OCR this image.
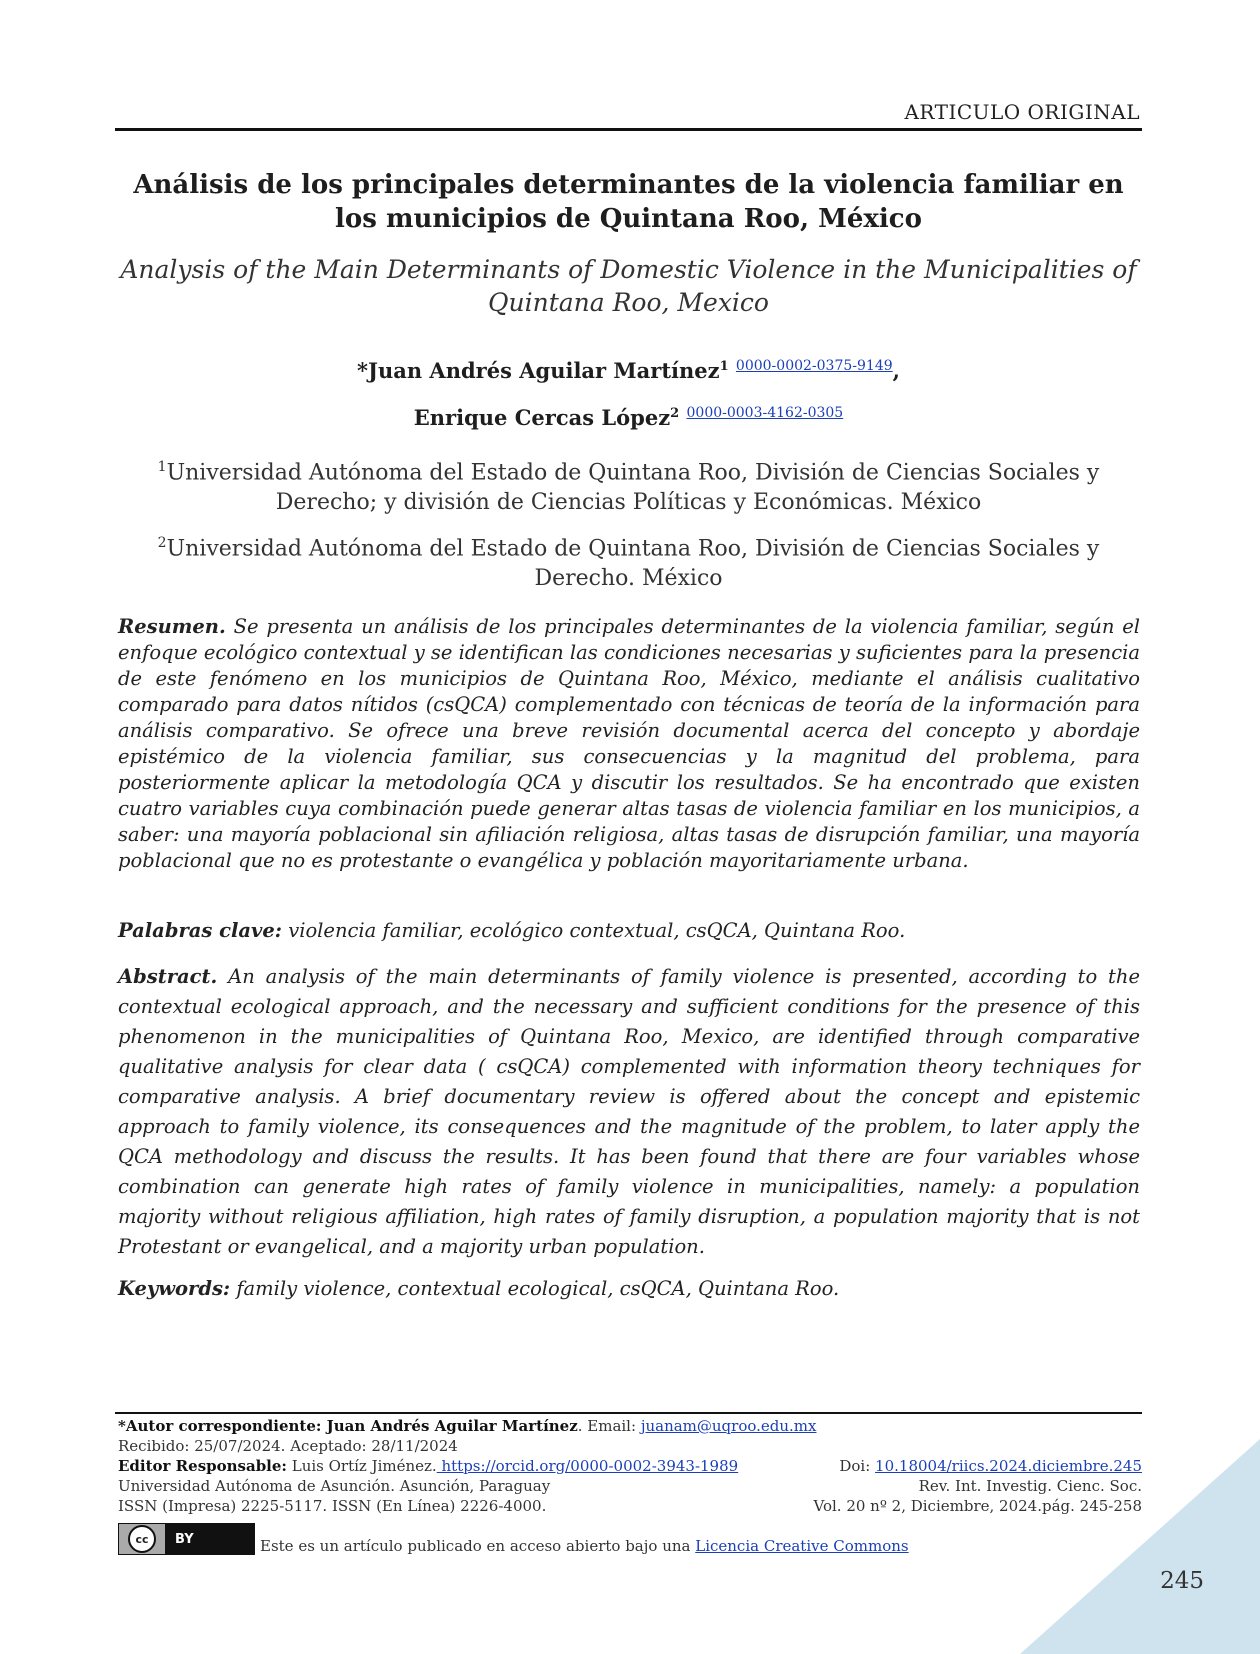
ARTICULO ORIGINAL
Análisis de los principales determinantes de la violencia familiar en los municipios de Quintana Roo, México
Analysis of the Main Determinants of Domestic Violence in the Municipalities of Quintana Roo, Mexico
*Juan Andrés Aguilar Martínez$^1$ $^{0000-0002-0375-9149}$,
Enrique Cercas López$^2$ $^{0000-0003-4162-0305}$
$^1$Universidad Autónoma del Estado de Quintana Roo, División de Ciencias Sociales y Derecho; y división de Ciencias Políticas y Económicas. México
$^2$Universidad Autónoma del Estado de Quintana Roo, División de Ciencias Sociales y Derecho. México
Resumen. Se presenta un análisis de los principales determinantes de la violencia familiar, según el enfoque ecológico contextual y se identifican las condiciones necesarias y suficientes para la presencia de este fenómeno en los municipios de Quintana Roo, México, mediante el análisis cualitativo comparado para datos nítidos (csQCA) complementado con técnicas de teoría de la información para análisis comparativo. Se ofrece una breve revisión documental acerca del concepto y abordaje epistémico de la violencia familiar, sus consecuencias y la magnitud del problema, para posteriormente aplicar la metodología QCA y discutir los resultados. Se ha encontrado que existen cuatro variables cuya combinación puede generar altas tasas de violencia familiar en los municipios, a saber: una mayoría poblacional sin afiliación religiosa, altas tasas de disrupción familiar, una mayoría poblacional que no es protestante o evangélica y población mayoritariamente urbana.
Palabras clave: violencia familiar, ecológico contextual, csQCA, Quintana Roo.
Abstract. An analysis of the main determinants of family violence is presented, according to the contextual ecological approach, and the necessary and sufficient conditions for the presence of this phenomenon in the municipalities of Quintana Roo, Mexico, are identified through comparative qualitative analysis for clear data ( csQCA) complemented with information theory techniques for comparative analysis. A brief documentary review is offered about the concept and epistemic approach to family violence, its consequences and the magnitude of the problem, to later apply the QCA methodology and discuss the results. It has been found that there are four variables whose combination can generate high rates of family violence in municipalities, namely: a population majority without religious affiliation, high rates of family disruption, a population majority that is not Protestant or evangelical, and a majority urban population.
Keywords: family violence, contextual ecological, csQCA, Quintana Roo.
*Autor correspondiente: Juan Andrés Aguilar Martínez. Email: juanam@uqroo.edu.mx
Recibido: 25/07/2024. Aceptado: 28/11/2024
Editor Responsable: Luis Ortíz Jiménez. https://orcid.org/0000-0002-3943-1989	Doi: 10.18004/riics.2024.diciembre.245
Universidad Autónoma de Asunción. Asunción, Paraguay	Rev. Int. Investig. Cienc. Soc.
ISSN (Impresa) 2225-5117. ISSN (En Línea) 2226-4000.	Vol. 20 nº 2, Diciembre, 2024.pág. 245-258
cc	BY	Este es un artículo publicado en acceso abierto bajo una Licencia Creative Commons
245
